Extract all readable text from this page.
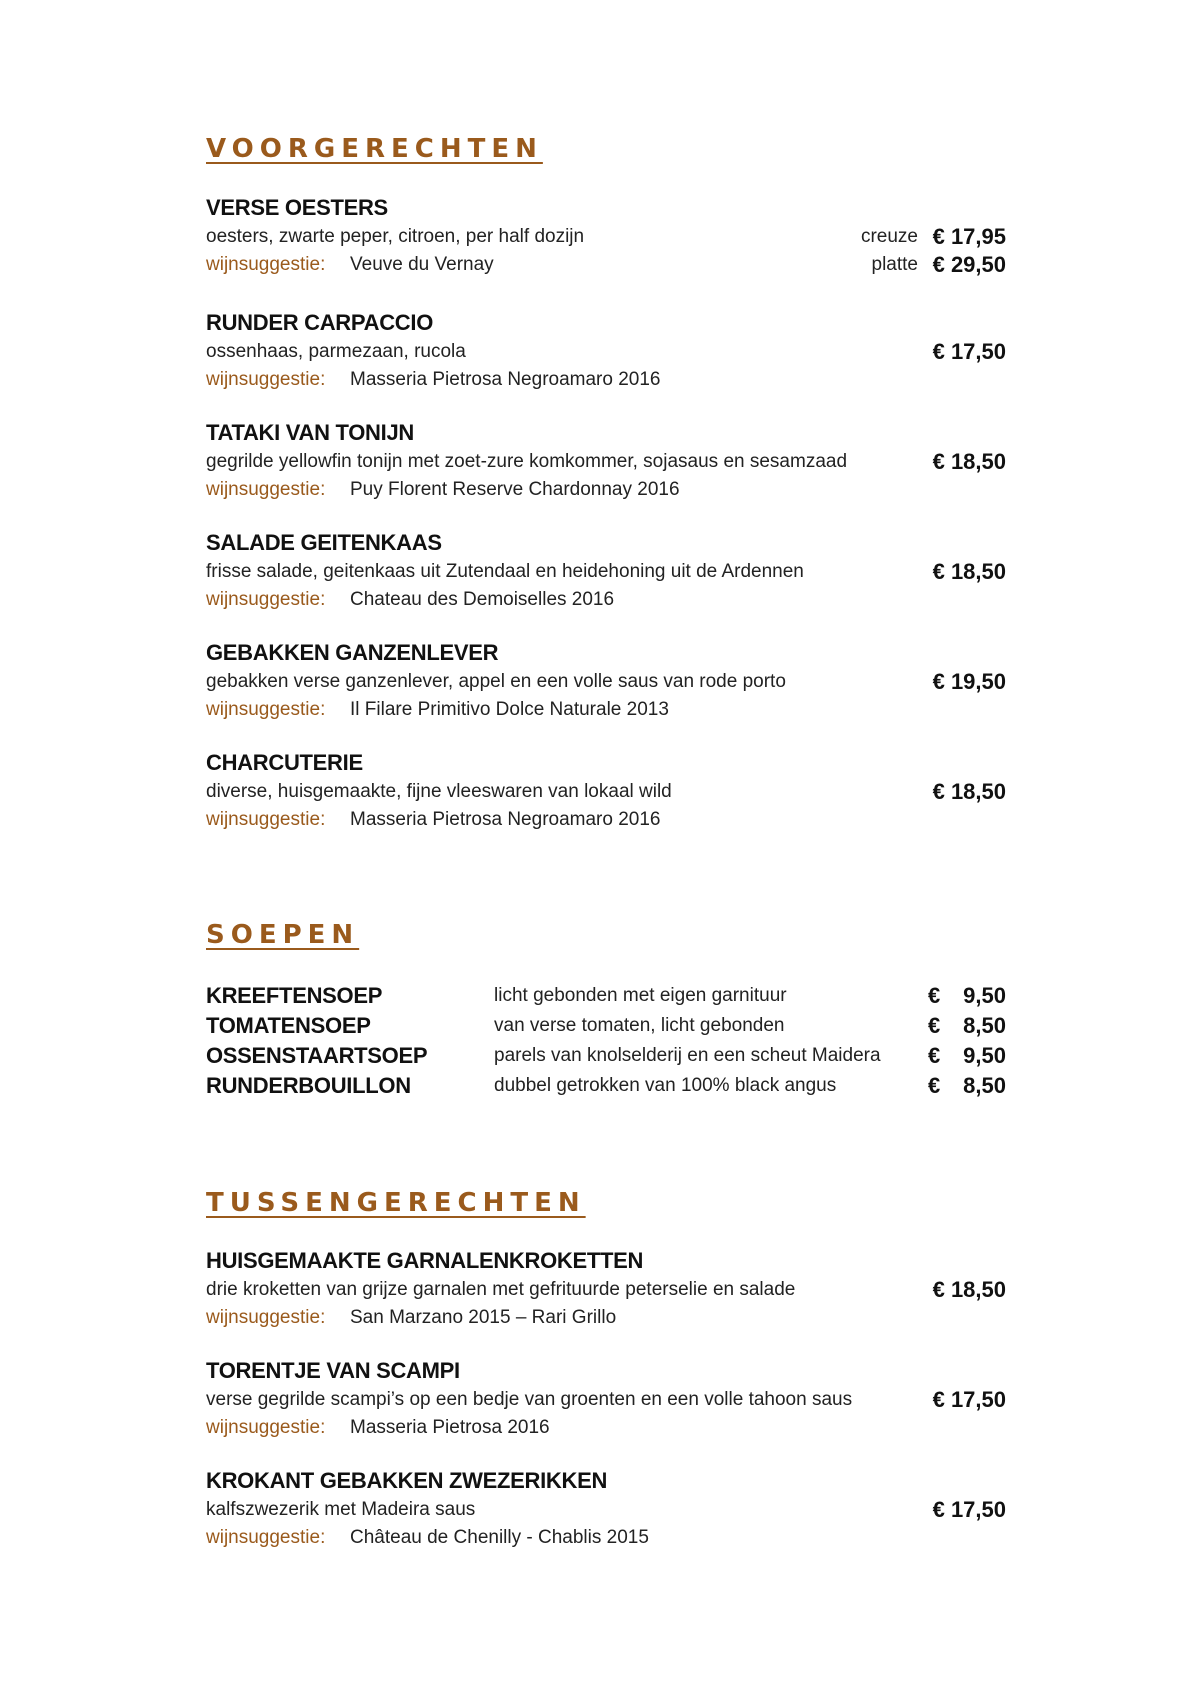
VOORGERECHTEN
VERSE OESTERS
oesters, zwarte peper, citroen, per half dozijn	creuze € 17,95
wijnsuggestie: Veuve du Vernay	platte € 29,50
RUNDER CARPACCIO
ossenhaas, parmezaan, rucola	€ 17,50
wijnsuggestie: Masseria Pietrosa Negroamaro 2016
TATAKI VAN TONIJN
gegrilde yellowfin tonijn met zoet-zure komkommer, sojasaus en sesamzaad	€ 18,50
wijnsuggestie: Puy Florent Reserve Chardonnay 2016
SALADE GEITENKAAS
frisse salade, geitenkaas uit Zutendaal en heidehoning uit de Ardennen	€ 18,50
wijnsuggestie: Chateau des Demoiselles 2016
GEBAKKEN GANZENLEVER
gebakken verse ganzenlever, appel en een volle saus van rode porto	€ 19,50
wijnsuggestie: Il Filare Primitivo Dolce Naturale 2013
CHARCUTERIE
diverse, huisgemaakte, fijne vleeswaren van lokaal wild	€ 18,50
wijnsuggestie: Masseria Pietrosa Negroamaro 2016
SOEPEN
KREEFTENSOEP	licht gebonden met eigen garnituur	€ 9,50
TOMATENSOEP	van verse tomaten, licht gebonden	€ 8,50
OSSENSTAARTSOEP	parels van knolselderij en een scheut Maidera € 9,50
RUNDERBOUILLON	dubbel getrokken van 100% black angus	€ 8,50
TUSSENGERECHTEN
HUISGEMAAKTE GARNALENKROKETTEN
drie kroketten van grijze garnalen met gefrituurde peterselie en salade	€ 18,50
wijnsuggestie: San Marzano 2015 – Rari Grillo
TORENTJE VAN SCAMPI
verse gegrilde scampi’s op een bedje van groenten en een volle tahoon saus	€ 17,50
wijnsuggestie: Masseria Pietrosa 2016
KROKANT GEBAKKEN ZWEZERIKKEN
kalfszwezerik met Madeira saus	€ 17,50
wijnsuggestie: Château de Chenilly - Chablis 2015
